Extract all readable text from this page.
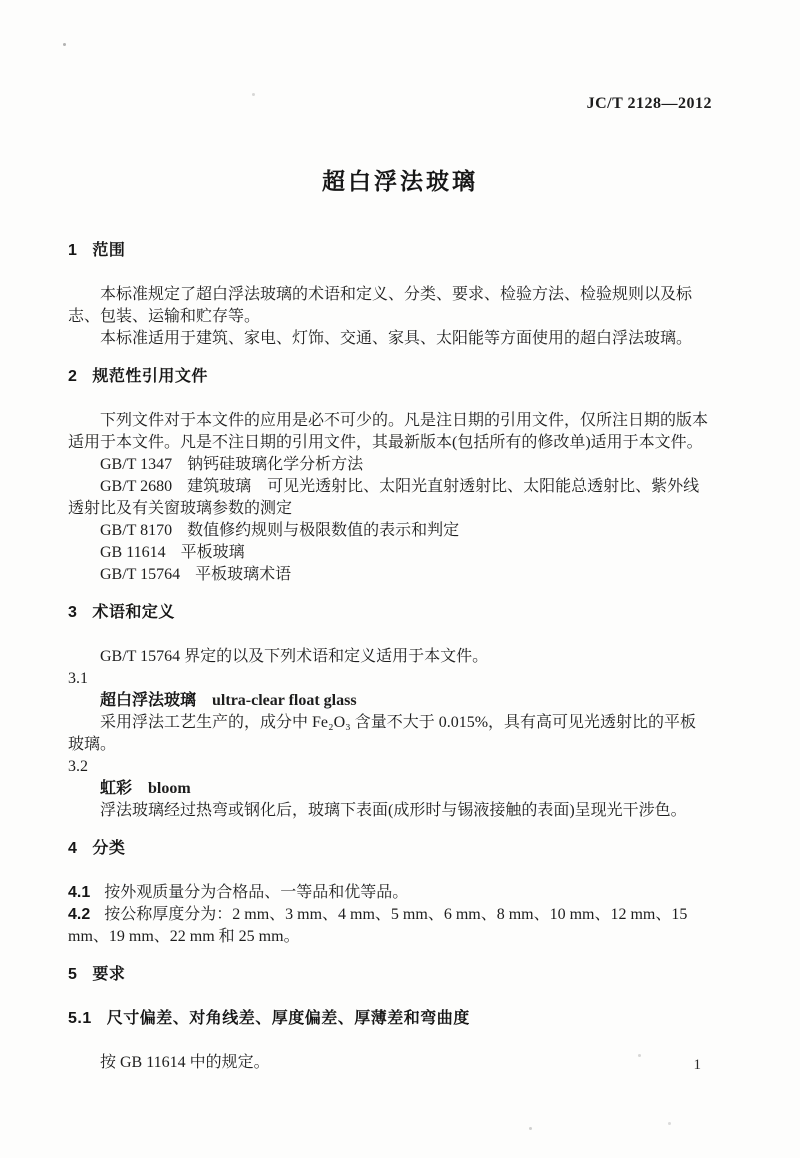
JC/T 2128—2012
超白浮法玻璃
1 范围

本标准规定了超白浮法玻璃的术语和定义、分类、要求、检验方法、检验规则以及标志、包装、运输和贮存等。

本标准适用于建筑、家电、灯饰、交通、家具、太阳能等方面使用的超白浮法玻璃。

2 规范性引用文件

下列文件对于本文件的应用是必不可少的。凡是注日期的引用文件，仅所注日期的版本适用于本文件。凡是不注日期的引用文件，其最新版本(包括所有的修改单)适用于本文件。

GB/T 1347 钠钙硅玻璃化学分析方法

GB/T 2680 建筑玻璃　可见光透射比、太阳光直射透射比、太阳能总透射比、紫外线透射比及有关窗玻璃参数的测定

GB/T 8170 数值修约规则与极限数值的表示和判定

GB 11614 平板玻璃

GB/T 15764 平板玻璃术语

3 术语和定义

GB/T 15764 界定的以及下列术语和定义适用于本文件。

3.1

超白浮法玻璃 ultra-clear float glass

采用浮法工艺生产的，成分中 Fe₂O₃ 含量不大于 0.015%，具有高可见光透射比的平板玻璃。

3.2

虹彩 bloom

浮法玻璃经过热弯或钢化后，玻璃下表面(成形时与锡液接触的表面)呈现光干涉色。

4 分类

4.1 按外观质量分为合格品、一等品和优等品。

4.2 按公称厚度分为：2 mm、3 mm、4 mm、5 mm、6 mm、8 mm、10 mm、12 mm、15 mm、19 mm、22 mm 和 25 mm。

5 要求
5.1 尺寸偏差、对角线差、厚度偏差、厚薄差和弯曲度

按 GB 11614 中的规定。	1
